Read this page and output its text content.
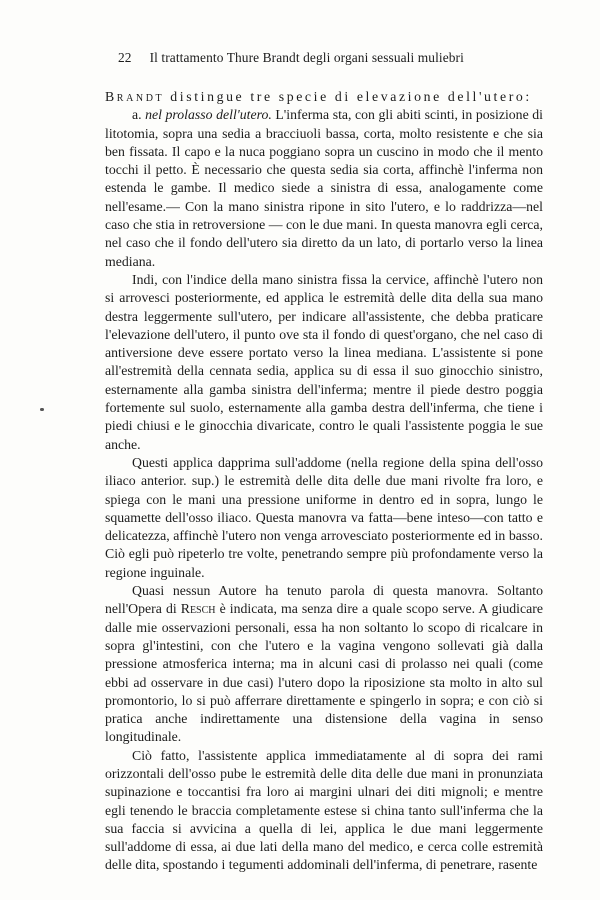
22 Il trattamento Thure Brandt degli organi sessuali muliebri

Brandt distingue tre specie di elevazione dell'utero:

a. nel prolasso dell'utero. L'inferma sta, con gli abiti scinti, in posizione di litotomia, sopra una sedia a bracciuoli bassa, corta, molto resistente e che sia ben fissata. Il capo e la nuca poggiano sopra un cuscino in modo che il mento tocchi il petto. È necessario che questa sedia sia corta, affinchè l'inferma non estenda le gambe. Il medico siede a sinistra di essa, analogamente come nell'esame.— Con la mano sinistra ripone in sito l'utero, e lo raddrizza—nel caso che stia in retroversione — con le due mani. In questa manovra egli cerca, nel caso che il fondo dell'utero sia diretto da un lato, di portarlo verso la linea mediana.

Indi, con l'indice della mano sinistra fissa la cervice, affinchè l'utero non si arrovesci posteriormente, ed applica le estremità delle dita della sua mano destra leggermente sull'utero, per indicare all'assistente, che debba praticare l'elevazione dell'utero, il punto ove sta il fondo di quest'organo, che nel caso di antiversione deve essere portato verso la linea mediana. L'assistente si pone all'estremità della cennata sedia, applica su di essa il suo ginocchio sinistro, esternamente alla gamba sinistra dell'inferma; mentre il piede destro poggia fortemente sul suolo, esternamente alla gamba destra dell'inferma, che tiene i piedi chiusi e le ginocchia divaricate, contro le quali l'assistente poggia le sue anche.

Questi applica dapprima sull'addome (nella regione della spina dell'osso iliaco anterior. sup.) le estremità delle dita delle due mani rivolte fra loro, e spiega con le mani una pressione uniforme in dentro ed in sopra, lungo le squamette dell'osso iliaco. Questa manovra va fatta—bene inteso—con tatto e delicatezza, affinchè l'utero non venga arrovesciato posteriormente ed in basso. Ciò egli può ripeterlo tre volte, penetrando sempre più profondamente verso la regione inguinale.

Quasi nessun Autore ha tenuto parola di questa manovra. Soltanto nell'Opera di Resch è indicata, ma senza dire a quale scopo serve. A giudicare dalle mie osservazioni personali, essa ha non soltanto lo scopo di ricalcare in sopra gl'intestini, con che l'utero e la vagina vengono sollevati già dalla pressione atmosferica interna; ma in alcuni casi di prolasso nei quali (come ebbi ad osservare in due casi) l'utero dopo la riposizione sta molto in alto sul promontorio, lo si può afferrare direttamente e spingerlo in sopra; e con ciò si pratica anche indirettamente una distensione della vagina in senso longitudinale.

Ciò fatto, l'assistente applica immediatamente al di sopra dei rami orizzontali dell'osso pube le estremità delle dita delle due mani in pronunziata supinazione e toccantisi fra loro ai margini ulnari dei diti mignoli; e mentre egli tenendo le braccia completamente estese si china tanto sull'inferma che la sua faccia si avvicina a quella di lei, applica le due mani leggermente sull'addome di essa, ai due lati della mano del medico, e cerca colle estremità delle dita, spostando i tegumenti addominali dell'inferma, di penetrare, rasente
